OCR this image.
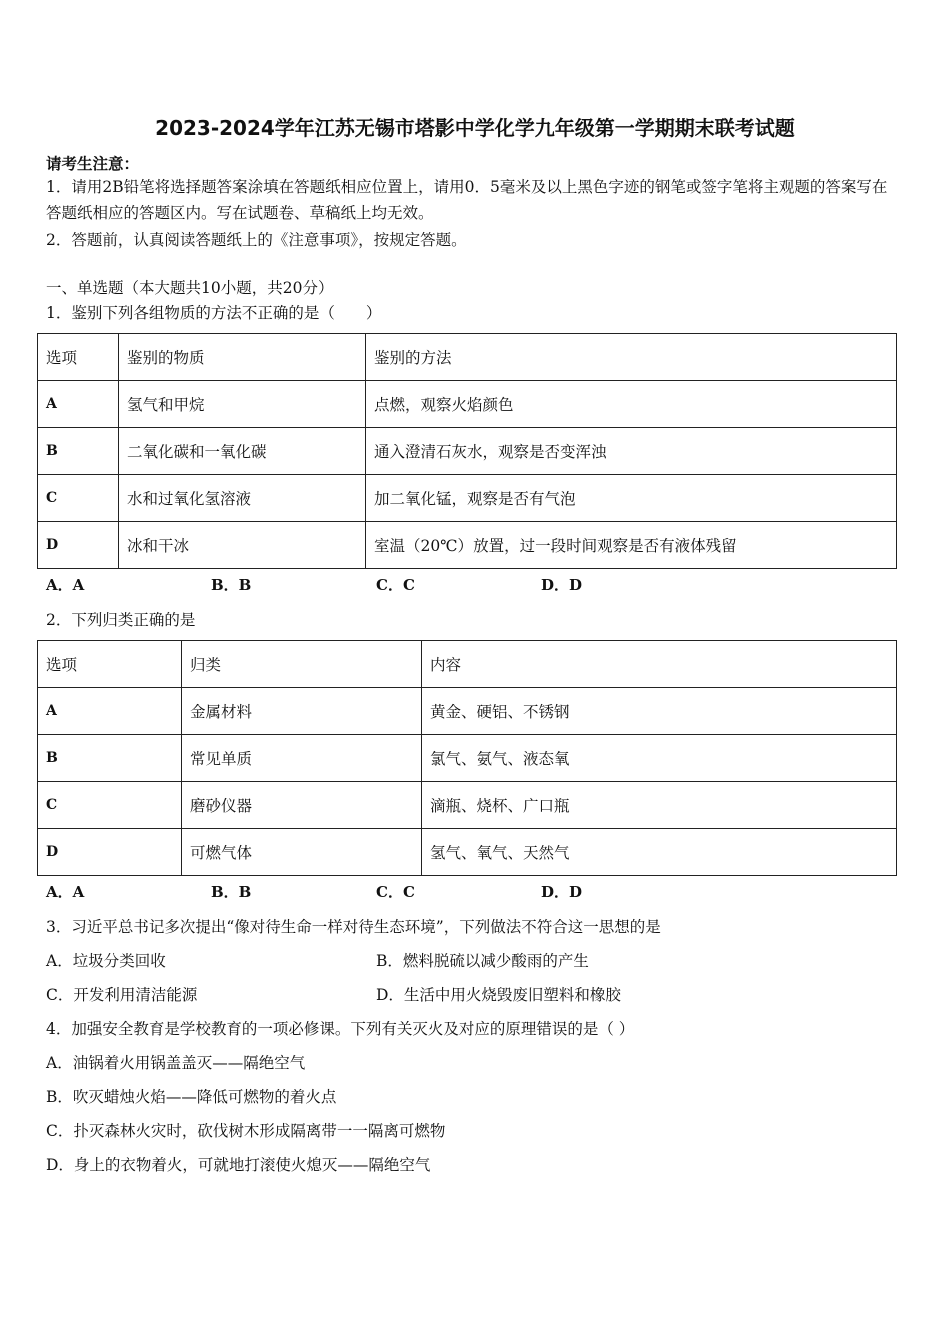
2023-2024学年江苏无锡市塔影中学化学九年级第一学期期末联考试题
请考生注意：
1．请用2B铅笔将选择题答案涂填在答题纸相应位置上，请用0．5毫米及以上黑色字迹的钢笔或签字笔将主观题的答案写在答题纸相应的答题区内。写在试题卷、草稿纸上均无效。
2．答题前，认真阅读答题纸上的《注意事项》，按规定答题。
一、单选题（本大题共10小题，共20分）
1．鉴别下列各组物质的方法不正确的是（　　）
选项	鉴别的物质	鉴别的方法
A	氢气和甲烷	点燃，观察火焰颜色
B	二氧化碳和一氧化碳	通入澄清石灰水，观察是否变浑浊
C	水和过氧化氢溶液	加二氧化锰，观察是否有气泡
D	冰和干冰	室温（20℃）放置，过一段时间观察是否有液体残留
A．A	B．B	C．C	D．D
2．下列归类正确的是
选项	归类	内容
A	金属材料	黄金、硬铝、不锈钢
B	常见单质	氯气、氨气、液态氧
C	磨砂仪器	滴瓶、烧杯、广口瓶
D	可燃气体	氢气、氧气、天然气
A．A	B．B	C．C	D．D
3．习近平总书记多次提出“像对待生命一样对待生态环境”，下列做法不符合这一思想的是
A．垃圾分类回收	B．燃料脱硫以减少酸雨的产生
C．开发利用清洁能源	D．生活中用火烧毁废旧塑料和橡胶
4．加强安全教育是学校教育的一项必修课。下列有关灭火及对应的原理错误的是（ ）
A．油锅着火用锅盖盖灭——隔绝空气
B．吹灭蜡烛火焰——降低可燃物的着火点
C．扑灭森林火灾时，砍伐树木形成隔离带一一隔离可燃物
D．身上的衣物着火，可就地打滚使火熄灭——隔绝空气
